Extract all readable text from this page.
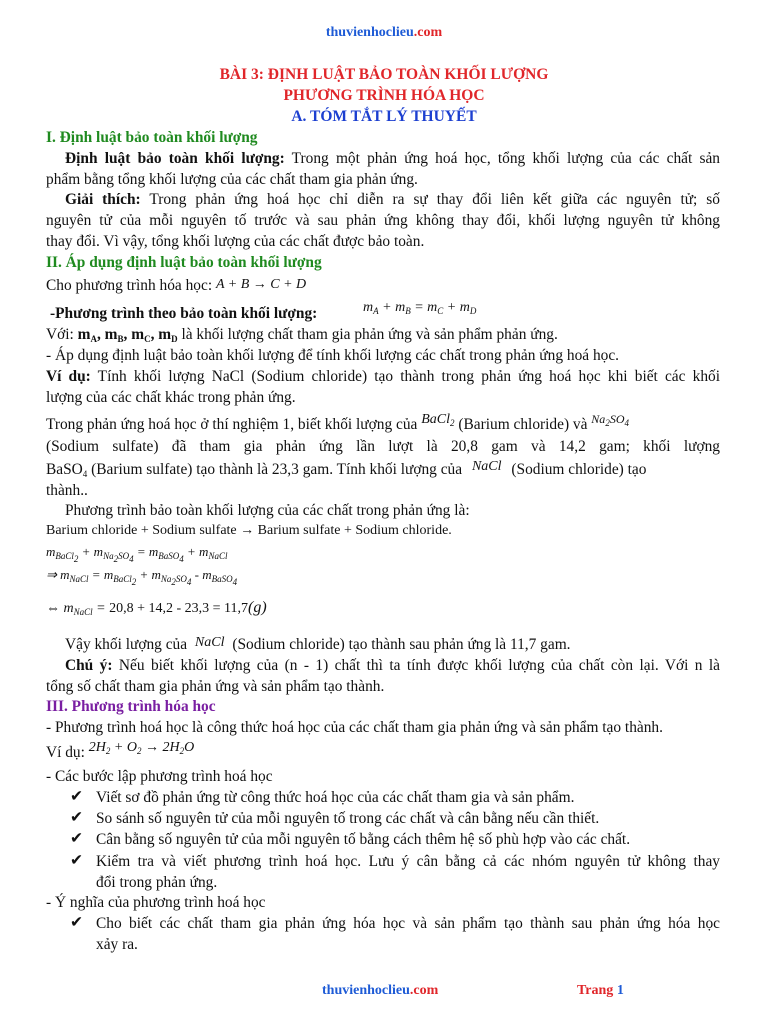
thuvienhoclieu.com
BÀI 3: ĐỊNH LUẬT BẢO TOÀN KHỐI LƯỢNG
PHƯƠNG TRÌNH HÓA HỌC
A. TÓM TẮT LÝ THUYẾT
I. Định luật bảo toàn khối lượng
Định luật bảo toàn khối lượng: Trong một phản ứng hoá học, tổng khối lượng của các chất sản
phẩm bằng tổng khối lượng của các chất tham gia phản ứng.
Giải thích: Trong phản ứng hoá học chỉ diễn ra sự thay đổi liên kết giữa các nguyên tử; số
nguyên tử của mỗi nguyên tố trước và sau phản ứng không thay đổi, khối lượng nguyên tử không
thay đổi. Vì vậy, tổng khối lượng của các chất được bảo toàn.
II. Áp dụng định luật bảo toàn khối lượng
Cho phương trình hóa học: A + B → C + D
-Phương trình theo bảo toàn khối lượng:	$m_A + m_B = m_C + m_D$
Với: $m_A$, $m_B$, $m_C$, $m_D$ là khối lượng chất tham gia phản ứng và sản phẩm phản ứng.
- Áp dụng định luật bảo toàn khối lượng để tính khối lượng các chất trong phản ứng hoá học.
Ví dụ: Tính khối lượng NaCl (Sodium chloride) tạo thành trong phản ứng hoá học khi biết các khối
lượng của các chất khác trong phản ứng.
Trong phản ứng hoá học ở thí nghiệm 1, biết khối lượng của BaCl$_2$ (Barium chloride) và $^{Na_2SO_4}$
(Sodium sulfate) đã tham gia phản ứng lần lượt là 20,8 gam và 14,2 gam; khối lượng
BaSO$_4$ (Barium sulfate) tạo thành là 23,3 gam. Tính khối lượng của NaCl (Sodium chloride) tạo
thành..
Phương trình bảo toàn khối lượng của các chất trong phản ứng là:
Barium chloride + Sodium sulfate → Barium sulfate + Sodium chloride.
$m_{BaCl_2} + m_{Na_2SO_4} = m_{BaSO_4} + m_{NaCl}$
⇒ $m_{NaCl} = m_{BaCl_2} + m_{Na_2SO_4} - m_{BaSO_4}$
⇔ $m_{NaCl} = 20,8 + 14,2 - 23,3 = 11,7(g)$
Vậy khối lượng của NaCl (Sodium chloride) tạo thành sau phản ứng là 11,7 gam.
Chú ý: Nếu biết khối lượng của (n - 1) chất thì ta tính được khối lượng của chất còn lại. Với n là
tổng số chất tham gia phản ứng và sản phẩm tạo thành.
III. Phương trình hóa học
- Phương trình hoá học là công thức hoá học của các chất tham gia phản ứng và sản phẩm tạo thành.
Ví dụ: $2H_2 + O_2 \to 2H_2O$
- Các bước lập phương trình hoá học
✔ Viết sơ đồ phản ứng từ công thức hoá học của các chất tham gia và sản phẩm.
✔ So sánh số nguyên tử của mỗi nguyên tố trong các chất và cân bằng nếu cần thiết.
✔ Cân bằng số nguyên tử của mỗi nguyên tố bằng cách thêm hệ số phù hợp vào các chất.
✔ Kiểm tra và viết phương trình hoá học. Lưu ý cân bằng cả các nhóm nguyên tử không thay
đổi trong phản ứng.
- Ý nghĩa của phương trình hoá học
✔ Cho biết các chất tham gia phản ứng hóa học và sản phẩm tạo thành sau phản ứng hóa học
xảy ra.
thuvienhoclieu.com	Trang 1
